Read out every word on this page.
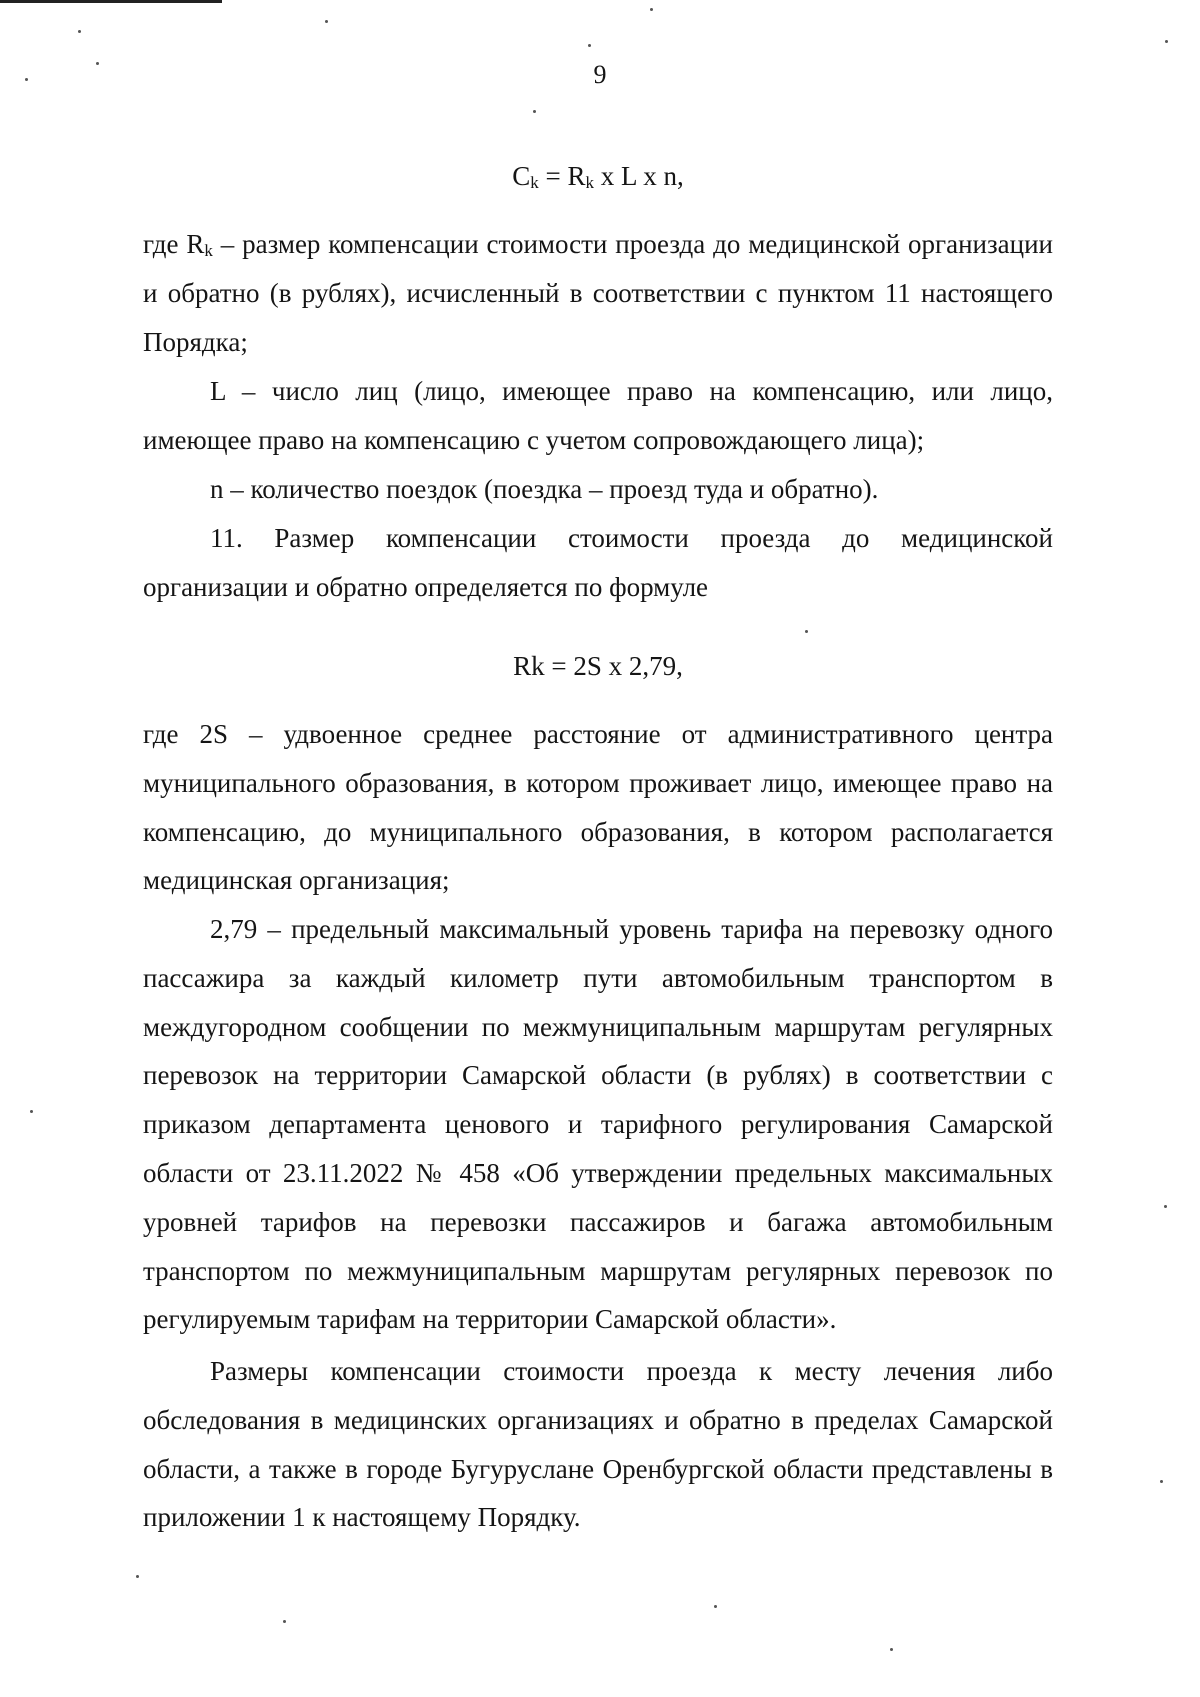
9
$C_k = R_k$ x L x n,

где $R_k$ – размер компенсации стоимости проезда до медицинской организации и обратно (в рублях), исчисленный в соответствии с пунктом 11 настоящего Порядка;

L – число лиц (лицо, имеющее право на компенсацию, или лицо, имеющее право на компенсацию с учетом сопровождающего лица);

n – количество поездок (поездка – проезд туда и обратно).

11. Размер компенсации стоимости проезда до медицинской организации и обратно определяется по формуле

Rk = 2S x 2,79,

где 2S – удвоенное среднее расстояние от административного центра муниципального образования, в котором проживает лицо, имеющее право на компенсацию, до муниципального образования, в котором располагается медицинская организация;

2,79 – предельный максимальный уровень тарифа на перевозку одного пассажира за каждый километр пути автомобильным транспортом в междугородном сообщении по межмуниципальным маршрутам регулярных перевозок на территории Самарской области (в рублях) в соответствии с приказом департамента ценового и тарифного регулирования Самарской области от 23.11.2022 № 458 «Об утверждении предельных максимальных уровней тарифов на перевозки пассажиров и багажа автомобильным транспортом по межмуниципальным маршрутам регулярных перевозок по регулируемым тарифам на территории Самарской области».

Размеры компенсации стоимости проезда к месту лечения либо обследования в медицинских организациях и обратно в пределах Самарской области, а также в городе Бугуруслане Оренбургской области представлены в приложении 1 к настоящему Порядку.
